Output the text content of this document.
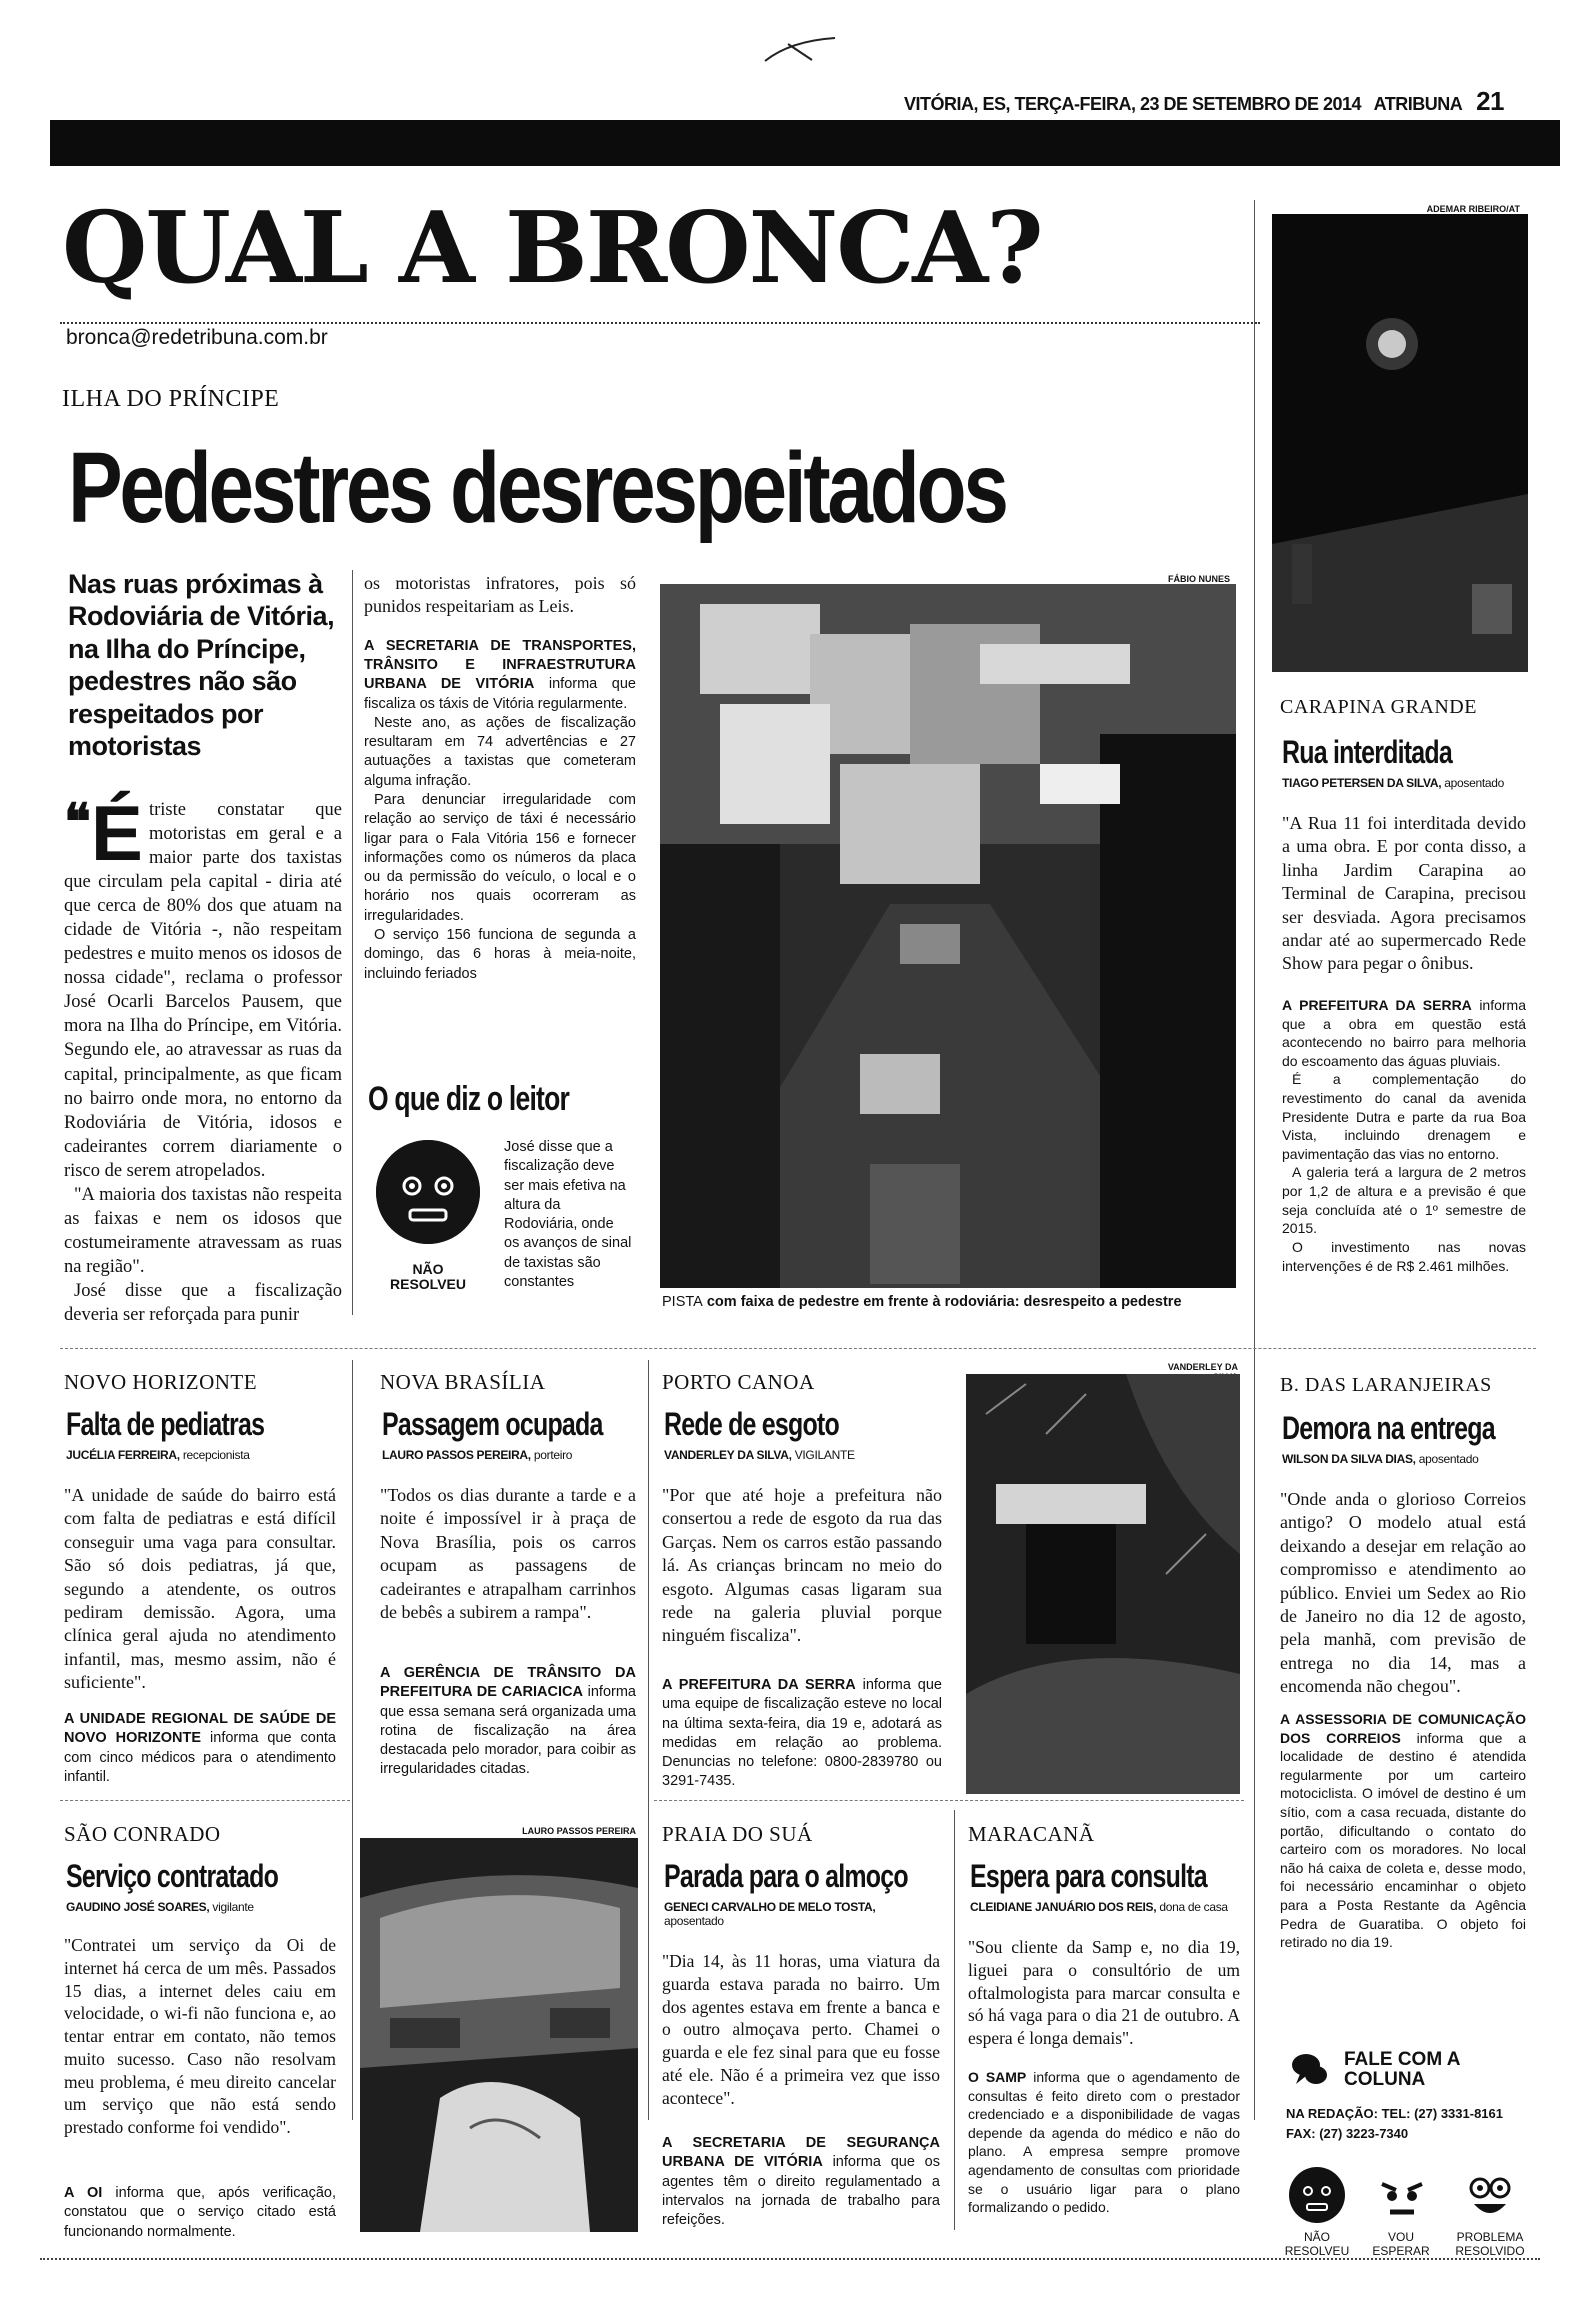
VITÓRIA, ES, TERÇA-FEIRA, 23 DE SETEMBRO DE 2014 ATRIBUNA 21
QUAL A BRONCA?
bronca@redetribuna.com.br
ILHA DO PRÍNCIPE
Pedestres desrespeitados
Nas ruas próximas à Rodoviária de Vitória, na Ilha do Príncipe, pedestres não são respeitados por motoristas
❝ É triste constatar que motoristas em geral e a maior parte dos taxistas que circulam pela capital - diria até que cerca de 80% dos que atuam na cidade de Vitória -, não respeitam pedestres e muito menos os idosos de nossa cidade", reclama o professor José Ocarli Barcelos Pausem, que mora na Ilha do Príncipe, em Vitória. Segundo ele, ao atravessar as ruas da capital, principalmente, as que ficam no bairro onde mora, no entorno da Rodoviária de Vitória, idosos e cadeirantes correm diariamente o risco de serem atropelados.

"A maioria dos taxistas não respeita as faixas e nem os idosos que costumeiramente atravessam as ruas na região".

José disse que a fiscalização deveria ser reforçada para punir

os motoristas infratores, pois só punidos respeitariam as Leis.

A SECRETARIA DE TRANSPORTES, TRÂNSITO E INFRAESTRUTURA URBANA DE VITÓRIA informa que fiscaliza os táxis de Vitória regularmente.

Neste ano, as ações de fiscalização resultaram em 74 advertências e 27 autuações a taxistas que cometeram alguma infração.

Para denunciar irregularidade com relação ao serviço de táxi é necessário ligar para o Fala Vitória 156 e fornecer informações como os números da placa ou da permissão do veículo, o local e o horário nos quais ocorreram as irregularidades.

O serviço 156 funciona de segunda a domingo, das 6 horas à meia-noite, incluindo feriados

O que diz o leitor
NÃO RESOLVEU
José disse que a fiscalização deve ser mais efetiva na altura da Rodoviária, onde os avanços de sinal de taxistas são constantes
FÁBIO NUNES
PISTA com faixa de pedestre em frente à rodoviária: desrespeito a pedestre
ADEMAR RIBEIRO/AT
CARAPINA GRANDE
Rua interditada
TIAGO PETERSEN DA SILVA, aposentado
"A Rua 11 foi interditada devido a uma obra. E por conta disso, a linha Jardim Carapina ao Terminal de Carapina, precisou ser desviada. Agora precisamos andar até ao supermercado Rede Show para pegar o ônibus.

A PREFEITURA DA SERRA informa que a obra em questão está acontecendo no bairro para melhoria do escoamento das águas pluviais.

É a complementação do revestimento do canal da avenida Presidente Dutra e parte da rua Boa Vista, incluindo drenagem e pavimentação das vias no entorno.

A galeria terá a largura de 2 metros por 1,2 de altura e a previsão é que seja concluída até o 1º semestre de 2015.

O investimento nas novas intervenções é de R$ 2.461 milhões.

NOVO HORIZONTE
Falta de pediatras
JUCÉLIA FERREIRA, recepcionista
"A unidade de saúde do bairro está com falta de pediatras e está difícil conseguir uma vaga para consultar. São só dois pediatras, já que, segundo a atendente, os outros pediram demissão. Agora, uma clínica geral ajuda no atendimento infantil, mas, mesmo assim, não é suficiente".
A UNIDADE REGIONAL DE SAÚDE DE NOVO HORIZONTE informa que conta com cinco médicos para o atendimento infantil.
NOVA BRASÍLIA
Passagem ocupada
LAURO PASSOS PEREIRA, porteiro
"Todos os dias durante a tarde e a noite é impossível ir à praça de Nova Brasília, pois os carros ocupam as passagens de cadeirantes e atrapalham carrinhos de bebês a subirem a rampa".
A GERÊNCIA DE TRÂNSITO DA PREFEITURA DE CARIACICA informa que essa semana será organizada uma rotina de fiscalização na área destacada pelo morador, para coibir as irregularidades citadas.
PORTO CANOA
Rede de esgoto
VANDERLEY DA SILVA, VIGILANTE
"Por que até hoje a prefeitura não consertou a rede de esgoto da rua das Garças. Nem os carros estão passando lá. As crianças brincam no meio do esgoto. Algumas casas ligaram sua rede na galeria pluvial porque ninguém fiscaliza".
A PREFEITURA DA SERRA informa que uma equipe de fiscalização esteve no local na última sexta-feira, dia 19 e, adotará as medidas em relação ao problema. Denuncias no telefone: 0800-2839780 ou 3291-7435.
VANDERLEY DA
B. DAS LARANJEIRAS
Demora na entrega
WILSON DA SILVA DIAS, aposentado
"Onde anda o glorioso Correios antigo? O modelo atual está deixando a desejar em relação ao compromisso e atendimento ao público. Enviei um Sedex ao Rio de Janeiro no dia 12 de agosto, pela manhã, com previsão de entrega no dia 14, mas a encomenda não chegou".
A ASSESSORIA DE COMUNICAÇÃO DOS CORREIOS informa que a localidade de destino é atendida regularmente por um carteiro motociclista. O imóvel de destino é um sítio, com a casa recuada, distante do portão, dificultando o contato do carteiro com os moradores. No local não há caixa de coleta e, desse modo, foi necessário encaminhar o objeto para a Posta Restante da Agência Pedra de Guaratiba. O objeto foi retirado no dia 19.
SÃO CONRADO
Serviço contratado
GAUDINO JOSÉ SOARES, vigilante
"Contratei um serviço da Oi de internet há cerca de um mês. Passados 15 dias, a internet deles caiu em velocidade, o wi-fi não funciona e, ao tentar entrar em contato, não temos muito sucesso. Caso não resolvam meu problema, é meu direito cancelar um serviço que não está sendo prestado conforme foi vendido".
A OI informa que, após verificação, constatou que o serviço citado está funcionando normalmente.
LAURO PASSOS PEREIRA PRAIA DO SUÁ
Parada para o almoço
GENECI CARVALHO DE MELO TOSTA, aposentado
"Dia 14, às 11 horas, uma viatura da guarda estava parada no bairro. Um dos agentes estava em frente a banca e o outro almoçava perto. Chamei o guarda e ele fez sinal para que eu fosse até ele. Não é a primeira vez que isso acontece".
A SECRETARIA DE SEGURANÇA URBANA DE VITÓRIA informa que os agentes têm o direito regulamentado a intervalos na jornada de trabalho para refeições.
MARACANÃ
Espera para consulta
CLEIDIANE JANUÁRIO DOS REIS, dona de casa
"Sou cliente da Samp e, no dia 19, liguei para o consultório de um oftalmologista para marcar consulta e só há vaga para o dia 21 de outubro. A espera é longa demais".
O SAMP informa que o agendamento de consultas é feito direto com o prestador credenciado e a disponibilidade de vagas depende da agenda do médico e não do plano. A empresa sempre promove agendamento de consultas com prioridade se o usuário ligar para o plano formalizando o pedido.
FALE COM A COLUNA
NA REDAÇÃO: TEL: (27) 3331-8161
FAX: (27) 3223-7340
NÃO RESOLVEU
VOU ESPERAR
PROBLEMA RESOLVIDO
